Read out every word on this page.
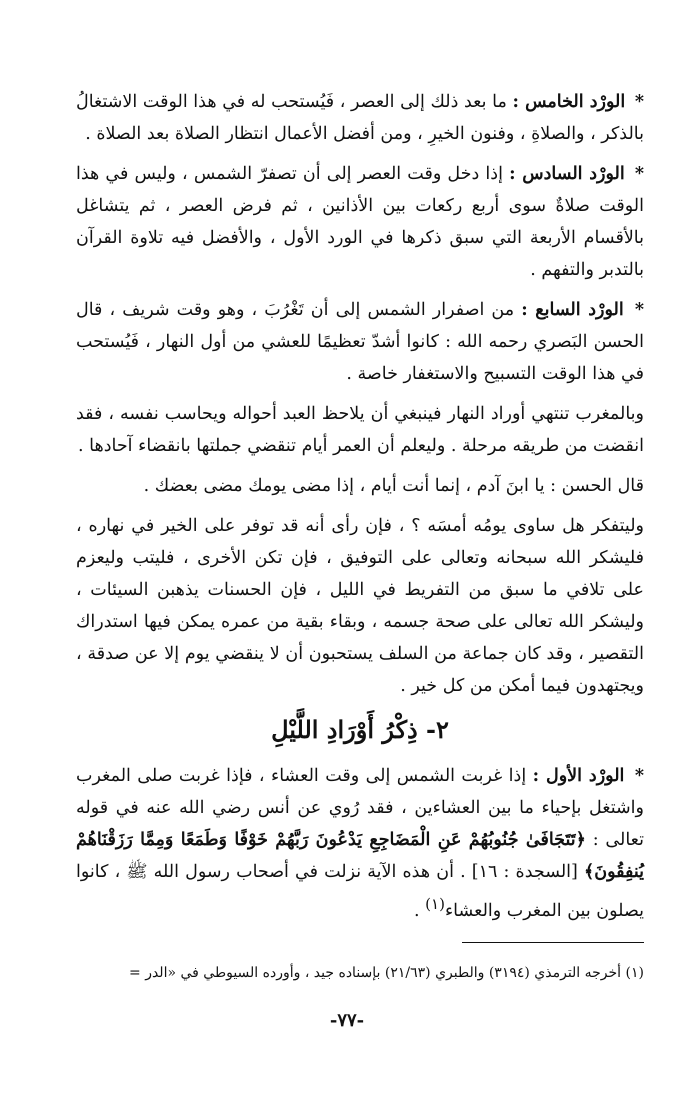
* الورْد الخامس : ما بعد ذلك إلى العصر ، فَيُستحب له في هذا الوقت الاشتغالُ بالذكر ، والصلاةِ ، وفنون الخيرِ ، ومن أفضل الأعمال انتظار الصلاة بعد الصلاة .

* الورْد السادس : إذا دخل وقت العصر إلى أن تصفرّ الشمس ، وليس في هذا الوقت صلاةٌ سوى أربع ركعات بين الأذانين ، ثم فرض العصر ، ثم يتشاغل بالأقسام الأربعة التي سبق ذكرها في الورد الأول ، والأفضل فيه تلاوة القرآن بالتدبر والتفهم .

* الورْد السابع : من اصفرار الشمس إلى أن تَغْرُبَ ، وهو وقت شريف ، قال الحسن البَصري رحمه الله : كانوا أشدّ تعظيمًا للعشي من أول النهار ، فَيُستحب في هذا الوقت التسبيح والاستغفار خاصة .

وبالمغرب تنتهي أوراد النهار فينبغي أن يلاحظ العبد أحواله ويحاسب نفسه ، فقد انقضت من طريقه مرحلة . وليعلم أن العمر أيام تنقضي جملتها بانقضاء آحادها .

قال الحسن : يا ابنَ آدم ، إنما أنت أيام ، إذا مضى يومك مضى بعضك .

وليتفكر هل ساوى يومُه أمسَه ؟ ، فإن رأى أنه قد توفر على الخير في نهاره ، فليشكر الله سبحانه وتعالى على التوفيق ، فإن تكن الأخرى ، فليتب وليعزم على تلافي ما سبق من التفريط في الليل ، فإن الحسنات يذهبن السيئات ، وليشكر الله تعالى على صحة جسمه ، وبقاء بقية من عمره يمكن فيها استدراك التقصير ، وقد كان جماعة من السلف يستحبون أن لا ينقضي يوم إلا عن صدقة ، ويجتهدون فيما أمكن من كل خير .

٢- ذِكْرُ أَوْرَادِ اللَّيْلِ

* الورْد الأول : إذا غربت الشمس إلى وقت العشاء ، فإذا غربت صلى المغرب واشتغل بإحياء ما بين العشاءين ، فقد رُوي عن أنس رضي الله عنه في قوله تعالى : ﴿تَتَجَافَىٰ جُنُوبُهُمْ عَنِ الْمَضَاجِعِ يَدْعُونَ رَبَّهُمْ خَوْفًا وَطَمَعًا وَمِمَّا رَزَقْنَاهُمْ يُنفِقُونَ﴾ [السجدة : ١٦] . أن هذه الآية نزلت في أصحاب رسول الله ﷺ ، كانوا يصلون بين المغرب والعشاء$^{(١)}$ .

(١) أخرجه الترمذي (٣١٩٤) والطبري (٢١/٦٣) بإسناده جيد ، وأورده السيوطي في «الدر =
-٧٧-
